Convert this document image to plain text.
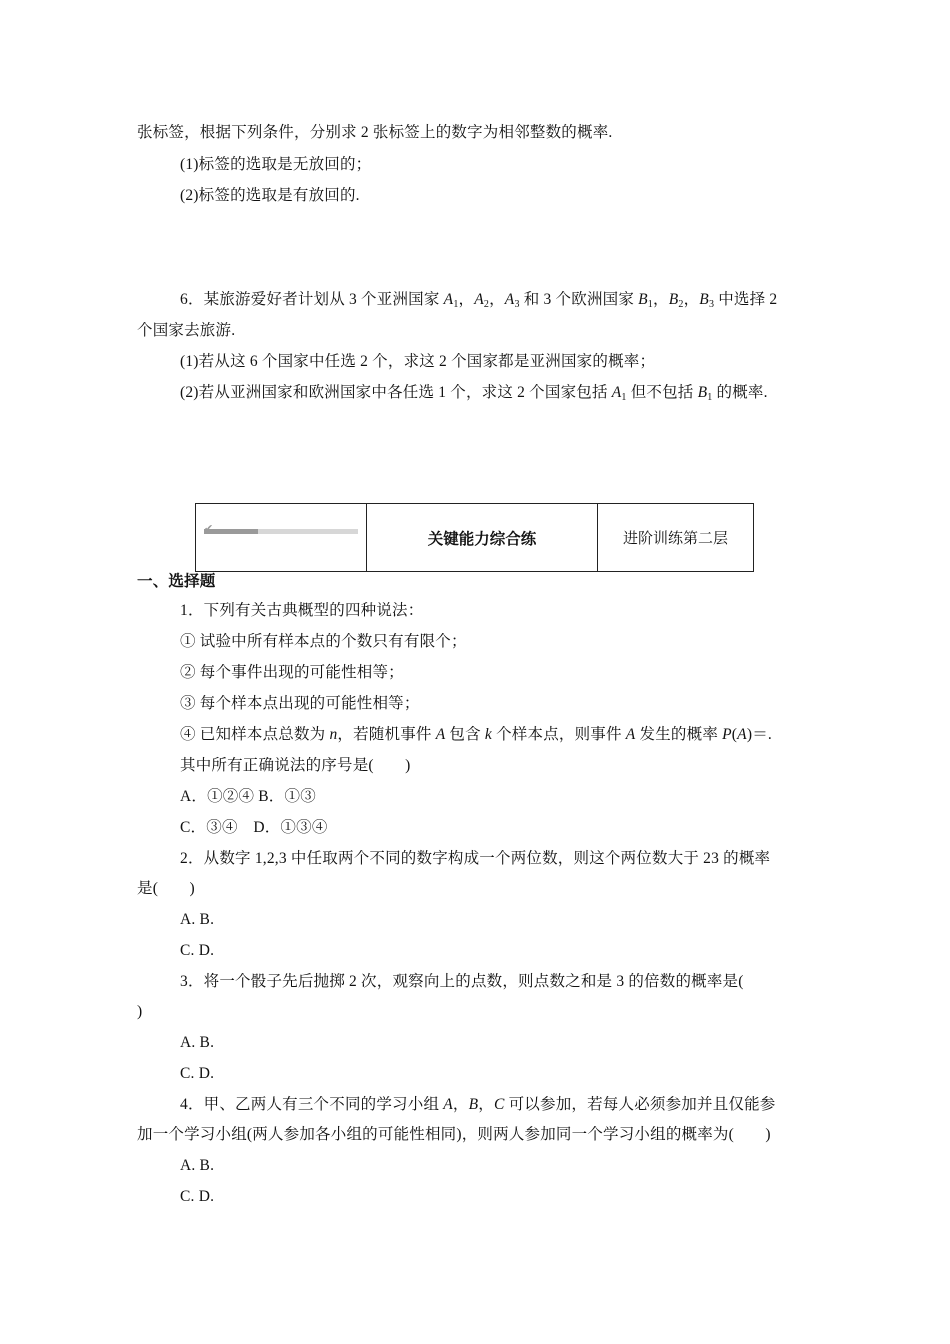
张标签，根据下列条件，分别求 2 张标签上的数字为相邻整数的概率.
(1)标签的选取是无放回的；
(2)标签的选取是有放回的.
6．某旅游爱好者计划从 3 个亚洲国家 $A_1$，$A_2$，$A_3$ 和 3 个欧洲国家 $B_1$，$B_2$，$B_3$ 中选择 2
个国家去旅游.
(1)若从这 6 个国家中任选 2 个，求这 2 个国家都是亚洲国家的概率；
(2)若从亚洲国家和欧洲国家中各任选 1 个，求这 2 个国家包括 $A_1$ 但不包括 $B_1$ 的概率.
关键能力综合练	进阶训练第二层
一、选择题
1．下列有关古典概型的四种说法：
① 试验中所有样本点的个数只有有限个；
② 每个事件出现的可能性相等；
③ 每个样本点出现的可能性相等；
④ 已知样本点总数为 n，若随机事件 A 包含 k 个样本点，则事件 A 发生的概率 P(A)＝.
其中所有正确说法的序号是(　　)
A．①②④ B．①③
C．③④　D．①③④
2．从数字 1,2,3 中任取两个不同的数字构成一个两位数，则这个两位数大于 23 的概率
是(　　)
A. B.
C. D.
3．将一个骰子先后抛掷 2 次，观察向上的点数，则点数之和是 3 的倍数的概率是(
)
A. B.
C. D.
4．甲、乙两人有三个不同的学习小组 A，B，C 可以参加，若每人必须参加并且仅能参
加一个学习小组(两人参加各小组的可能性相同)，则两人参加同一个学习小组的概率为(　　)
A. B.
C. D.
